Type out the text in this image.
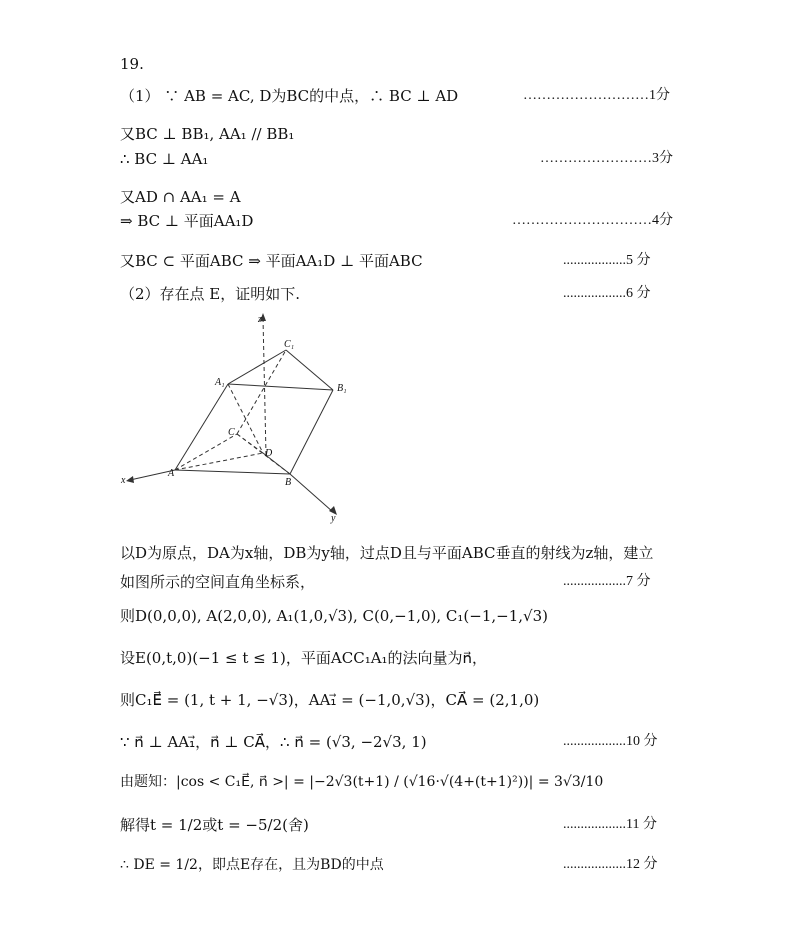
19.
（1） ∵ AB = AC, D为BC的中点，∴ BC ⊥ AD	………………………1分
又BC ⊥ BB₁, AA₁ // BB₁
∴ BC ⊥ AA₁	……………………3分
又AD ∩ AA₁ = A
⇒ BC ⊥ 平面AA₁D	…………………………4分
又BC ⊂ 平面ABC ⇒ 平面AA₁D ⊥ 平面ABC	..................5 分
（2）存在点 E，证明如下.	..................6 分
z
C₁
A₁
B₁
C
D
A
B
x
y
以D为原点，DA为x轴，DB为y轴，过点D且与平面ABC垂直的射线为z轴，建立
如图所示的空间直角坐标系，	..................7 分
则D(0,0,0), A(2,0,0), A₁(1,0,√3), C(0,−1,0), C₁(−1,−1,√3)
设E(0,t,0)(−1 ≤ t ≤ 1)，平面ACC₁A₁的法向量为n⃗，
则C₁E⃗ = (1, t + 1, −√3)，AA₁⃗ = (−1,0,√3)，CA⃗ = (2,1,0)
∵ n⃗ ⊥ AA₁⃗，n⃗ ⊥ CA⃗，∴ n⃗ = (√3, −2√3, 1)	..................10 分
由题知：|cos < C₁E⃗, n⃗ >| = |−2√3(t+1) / (√16·√(4+(t+1)²))| = 3√3/10
解得t = 1/2或t = −5/2(舍)	..................11 分
∴ DE = 1/2，即点E存在，且为BD的中点	..................12 分
